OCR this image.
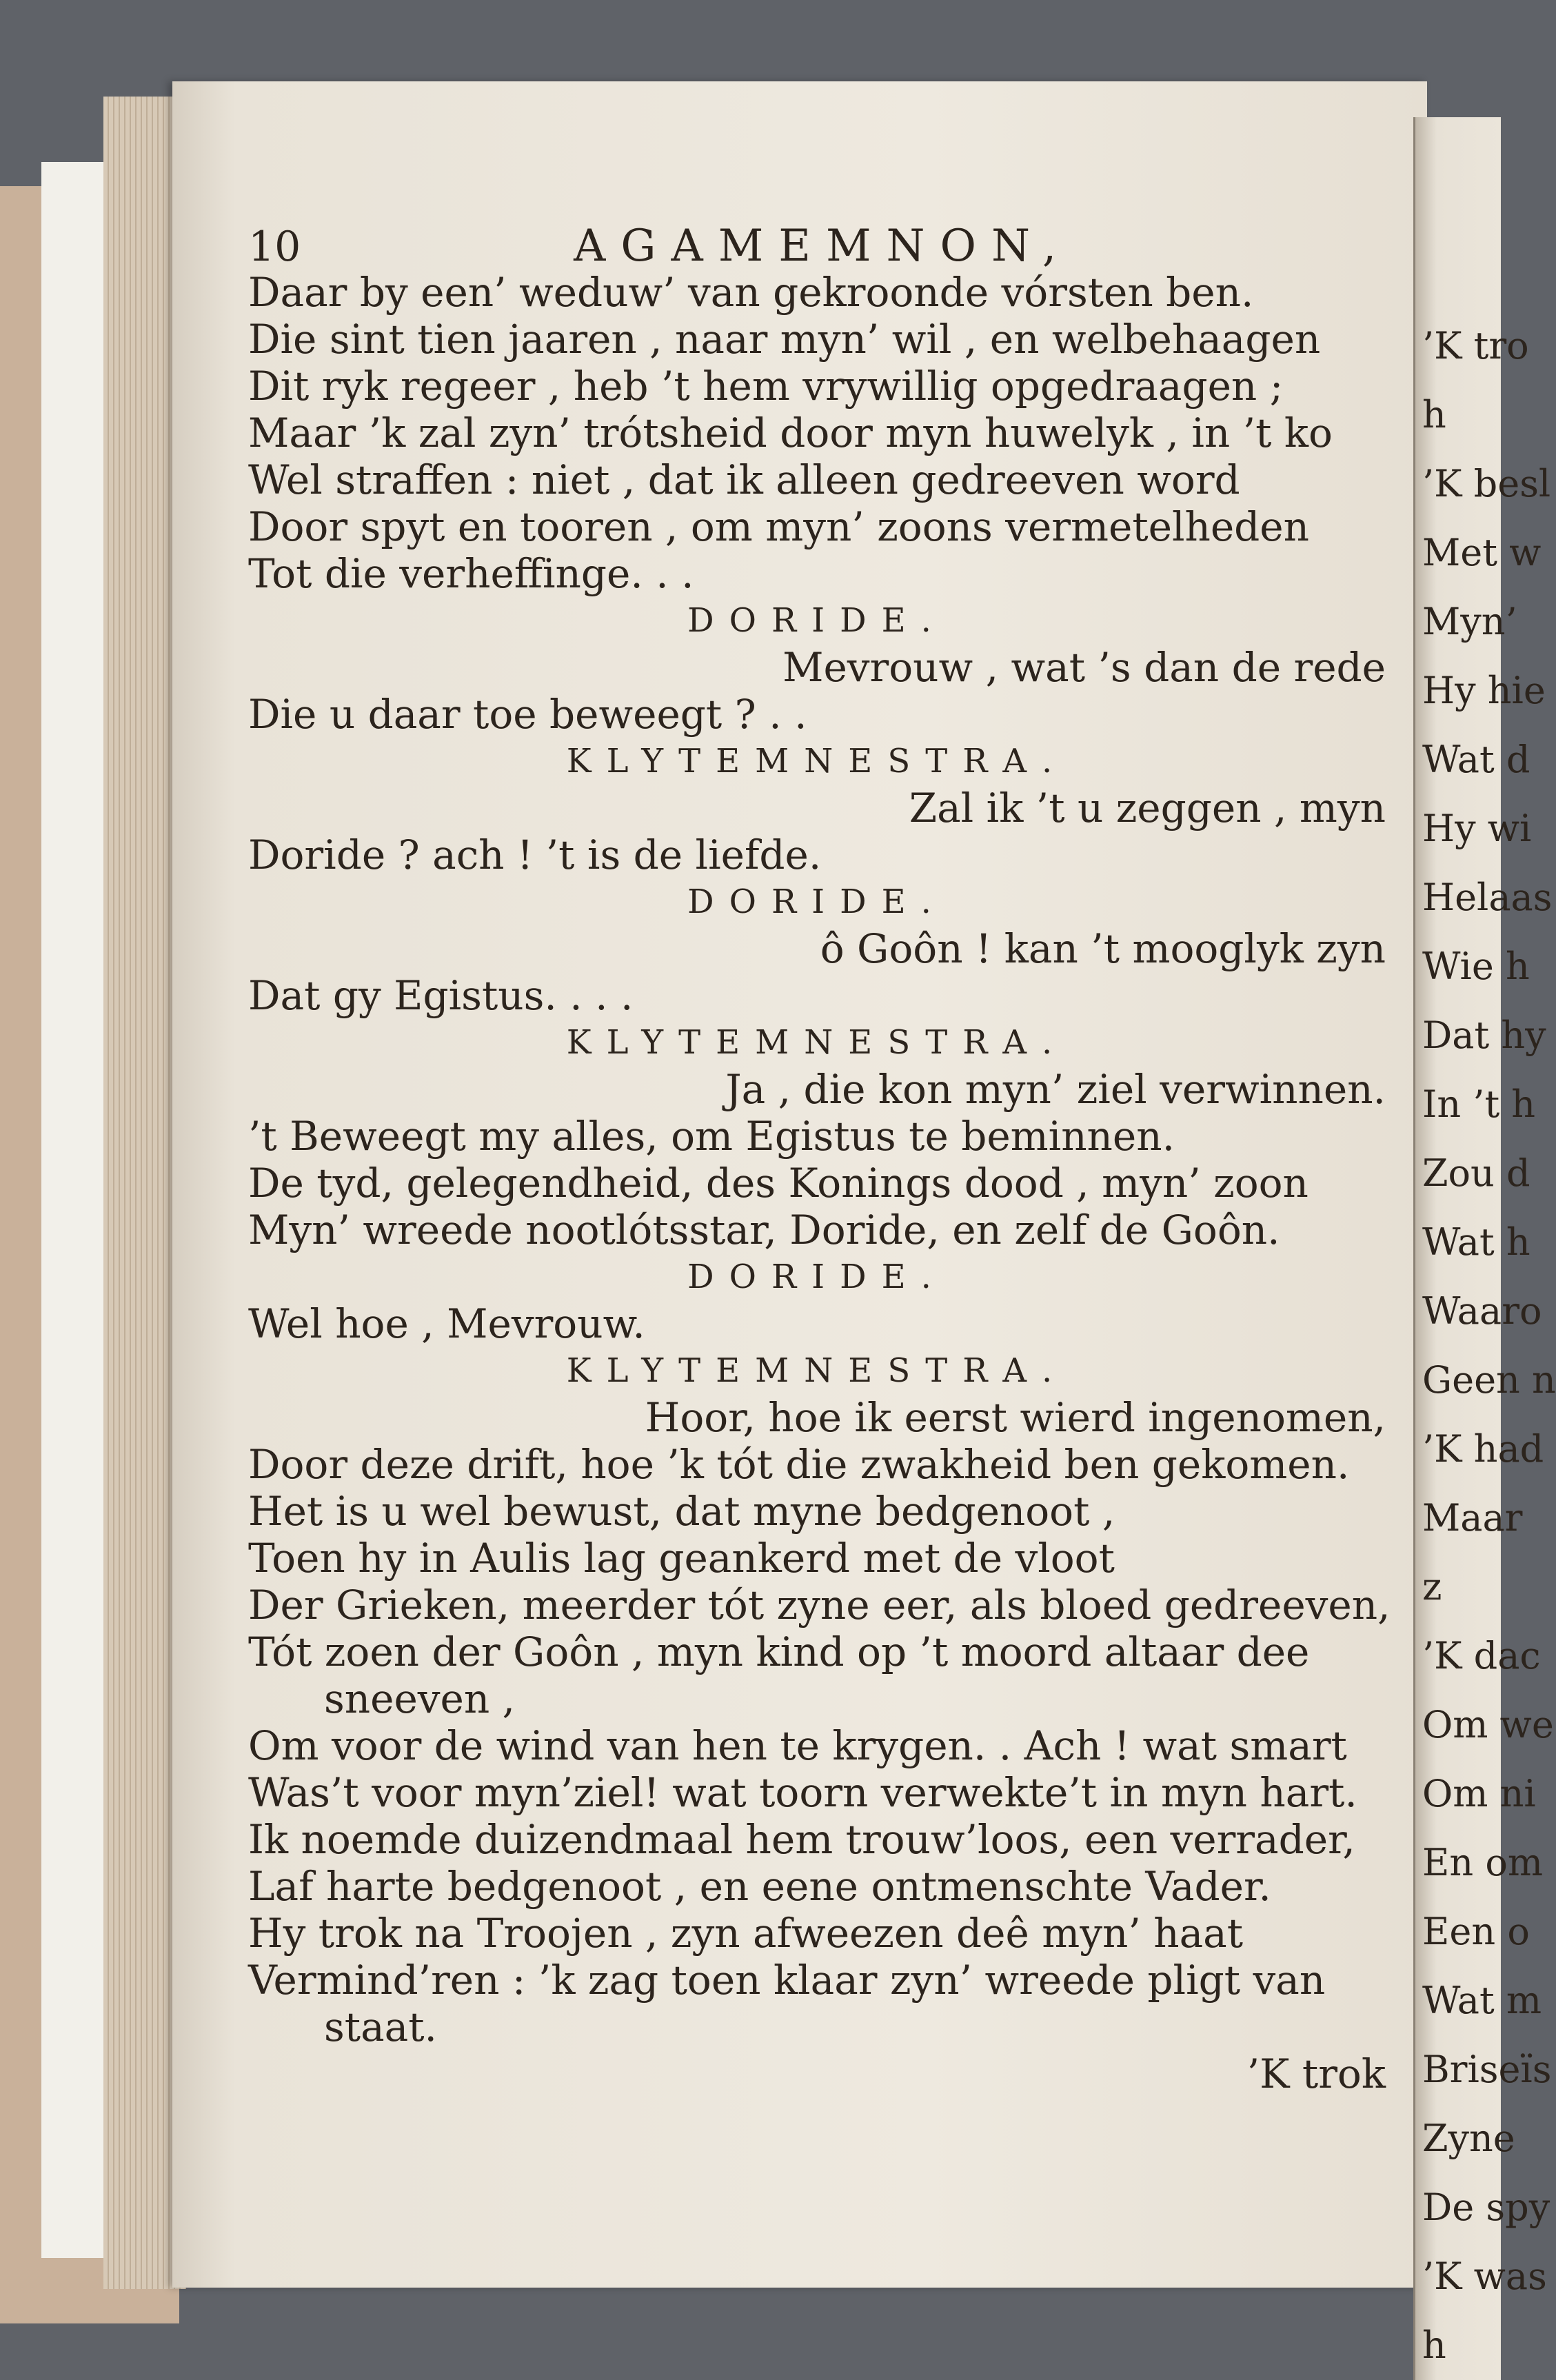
10	AGAMEMNON,
Daar by een’ weduw’ van gekroonde vórsten ben.
Die sint tien jaaren , naar myn’ wil , en welbehaagen
Dit ryk regeer , heb ’t hem vrywillig opgedraagen ;
Maar ’k zal zyn’ trótsheid door myn huwelyk , in ’t ko
Wel straffen : niet , dat ik alleen gedreeven word
Door spyt en tooren , om myn’ zoons vermetelheden
Tot die verheffinge. . .
DORIDE.
Mevrouw , wat ’s dan de rede
Die u daar toe beweegt ? . .
KLYTEMNESTRA.
Zal ik ’t u zeggen , myn
Doride ? ach ! ’t is de liefde.
DORIDE.
ô Goôn ! kan ’t mooglyk zyn
Dat gy Egistus. . . .
KLYTEMNESTRA.
Ja , die kon myn’ ziel verwinnen.
’t Beweegt my alles, om Egistus te beminnen.
De tyd, gelegendheid, des Konings dood , myn’ zoon
Myn’ wreede nootlótsstar, Doride, en zelf de Goôn.
DORIDE.
Wel hoe , Mevrouw.
KLYTEMNESTRA.
Hoor, hoe ik eerst wierd ingenomen,
Door deze drift, hoe ’k tót die zwakheid ben gekomen.
Het is u wel bewust, dat myne bedgenoot ,
Toen hy in Aulis lag geankerd met de vloot
Der Grieken, meerder tót zyne eer, als bloed gedreeven,
Tót zoen der Goôn , myn kind op ’t moord altaar dee
sneeven ,
Om voor de wind van hen te krygen. . Ach ! wat smart
Was’t voor myn’ziel! wat toorn verwekte’t in myn hart.
Ik noemde duizendmaal hem trouw’loos, een verrader,
Laf harte bedgenoot , en eene ontmenschte Vader.
Hy trok na Troojen , zyn afweezen deê myn’ haat
Vermind’ren : ’k zag toen klaar zyn’ wreede pligt van
staat.
’K trok
’K tro
h
’K besl
Met w
Myn’
Hy hie
Wat d
Hy wi
Helaas
Wie h
Dat hy
In ’t h
Zou d
Wat h
Waaro
Geen n
’K had
Maar
z
’K dac
Om we
Om ni
En om
Een o
Wat m
Briseïs
Zyne
De spy
’K was
h
